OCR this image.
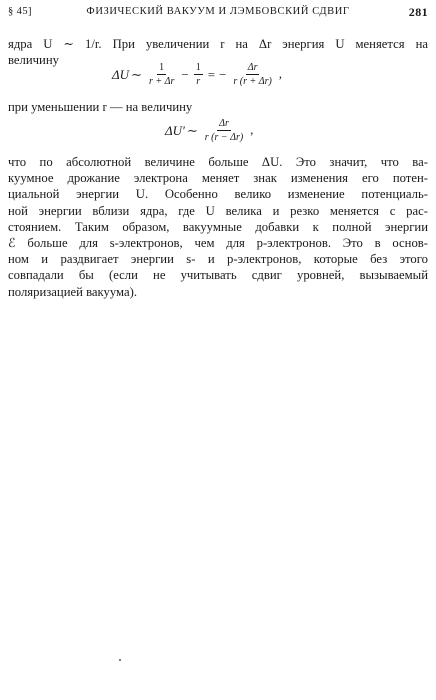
§ 45]	ФИЗИЧЕСКИЙ ВАКУУМ И ЛЭМБОВСКИЙ СДВИГ	281
ядра U ∼ 1/r. При увеличении r на Δr энергия U меняется на
величину
ΔU ∼ $\frac{1}{r + \Delta r} - \frac{1}{r}$ = − $\frac{\Delta r}{r (r + \Delta r)}$ ,
при уменьшении r — на величину
ΔU′ ∼ $\frac{\Delta r}{r (r - \Delta r)}$ ,
что по абсолютной величине больше ΔU. Это значит, что ва-
куумное дрожание электрона меняет знак изменения его потен-
циальной энергии U. Особенно велико изменение потенциаль-
ной энергии вблизи ядра, где U велика и резко меняется с рас-
стоянием. Таким образом, вакуумные добавки к полной энергии
ℰ больше для s-электронов, чем для p-электронов. Это в основ-
ном и раздвигает энергии s- и p-электронов, которые без этого
совпадали бы (если не учитывать сдвиг уровней, вызываемый
поляризацией вакуума).
